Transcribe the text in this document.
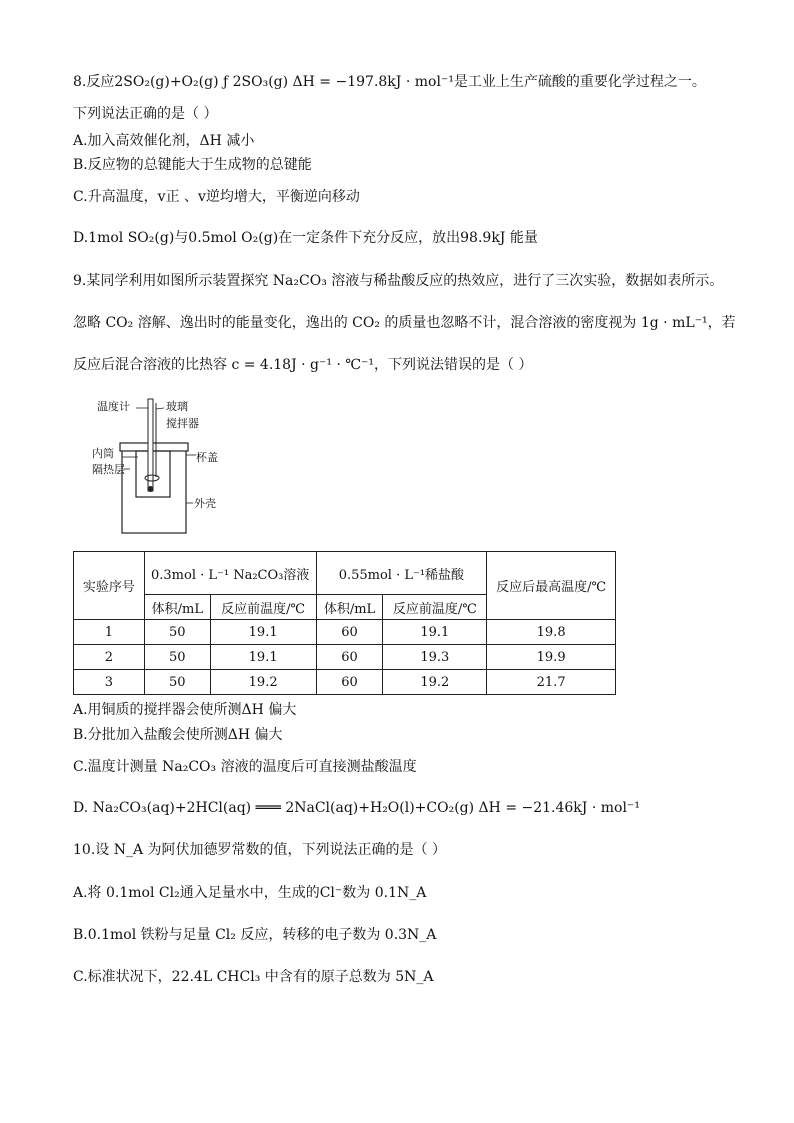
8.反应2SO₂(g)+O₂(g) ƒ 2SO₃(g) ΔH = −197.8kJ · mol⁻¹是工业上生产硫酸的重要化学过程之一。
下列说法正确的是（ ）
A.加入高效催化剂，ΔH 减小
B.反应物的总键能大于生成物的总键能
C.升高温度，v正 、v逆均增大，平衡逆向移动
D.1mol SO₂(g)与0.5mol O₂(g)在一定条件下充分反应，放出98.9kJ 能量
9.某同学利用如图所示装置探究 Na₂CO₃ 溶液与稀盐酸反应的热效应，进行了三次实验，数据如表所示。
忽略 CO₂ 溶解、逸出时的能量变化，逸出的 CO₂ 的质量也忽略不计，混合溶液的密度视为 1g · mL⁻¹，若
反应后混合溶液的比热容 c = 4.18J · g⁻¹ · ℃⁻¹，下列说法错误的是（ ）
温度计	玻璃
搅拌器
内筒
隔热层
杯盖
外壳
实验序号	0.3mol · L⁻¹ Na₂CO₃溶液		0.55mol · L⁻¹稀盐酸		反应后最高温度/℃
	体积/mL	反应前温度/℃	体积/mL	反应前温度/℃	
1	50	19.1	60	19.1	19.8
2	50	19.1	60	19.3	19.9
3	50	19.2	60	19.2	21.7
A.用铜质的搅拌器会使所测ΔH 偏大
B.分批加入盐酸会使所测ΔH 偏大
C.温度计测量 Na₂CO₃ 溶液的温度后可直接测盐酸温度
D. Na₂CO₃(aq)+2HCl(aq) ═══ 2NaCl(aq)+H₂O(l)+CO₂(g) ΔH = −21.46kJ · mol⁻¹
10.设 N_A 为阿伏加德罗常数的值，下列说法正确的是（ ）
A.将 0.1mol Cl₂通入足量水中，生成的Cl⁻数为 0.1N_A
B.0.1mol 铁粉与足量 Cl₂ 反应，转移的电子数为 0.3N_A
C.标准状况下，22.4L CHCl₃ 中含有的原子总数为 5N_A
